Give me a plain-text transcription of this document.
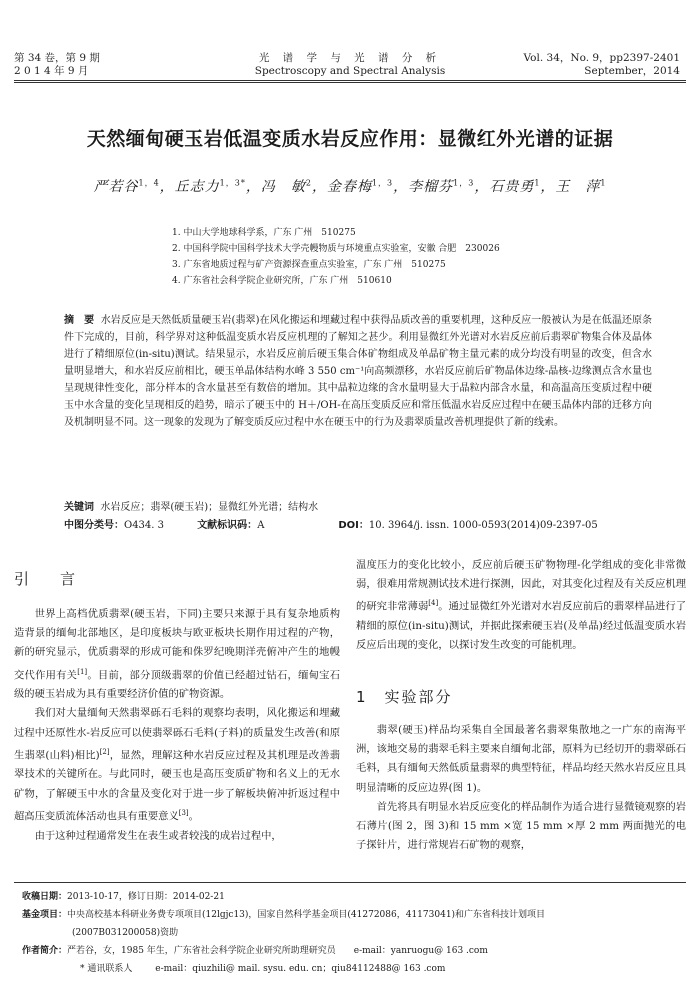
第 34 卷，第 9 期
2 0 1 4 年 9 月
光 谱 学 与 光 谱 分 析
Spectroscopy and Spectral Analysis
Vol. 34，No. 9，pp2397-2401
September，2014
天然缅甸硬玉岩低温变质水岩反应作用：显微红外光谱的证据
严若谷$^{1,4}$，丘志力$^{1,3*}$，冯　敏$^2$，金春梅$^{1,3}$，李榴芬$^{1,3}$，石贵勇$^1$，王　萍$^1$
1. 中山大学地球科学系，广东 广州　510275
2. 中国科学院中国科学技术大学壳幔物质与环境重点实验室，安徽 合肥　230026
3. 广东省地质过程与矿产资源探查重点实验室，广东 广州　510275
4. 广东省社会科学院企业研究所，广东 广州　510610
摘　要 水岩反应是天然低质量硬玉岩(翡翠)在风化搬运和埋藏过程中获得品质改善的重要机理，这种反应一般被认为是在低温还原条件下完成的，目前，科学界对这种低温变质水岩反应机理的了解知之甚少。利用显微红外光谱对水岩反应前后翡翠矿物集合体及晶体进行了精细原位(in-situ)测试。结果显示，水岩反应前后硬玉集合体矿物组成及单晶矿物主量元素的成分均没有明显的改变，但含水量明显增大，和水岩反应前相比，硬玉单晶体结构水峰 3 550 cm⁻¹向高频漂移，水岩反应前后矿物晶体边缘-晶核-边缘测点含水量也呈现规律性变化，部分样本的含水量甚至有数倍的增加。其中晶粒边缘的含水量明显大于晶粒内部含水量，和高温高压变质过程中硬玉中水含量的变化呈现相反的趋势，暗示了硬玉中的 H＋/OH-在高压变质反应和常压低温水岩反应过程中在硬玉晶体内部的迁移方向及机制明显不同。这一现象的发现为了解变质反应过程中水在硬玉中的行为及翡翠质量改善机理提供了新的线索。
关键词 水岩反应；翡翠(硬玉岩)；显微红外光谱；结构水
中图分类号：O434. 3	文献标识码：A	DOI：10. 3964/j. issn. 1000-0593(2014)09-2397-05
引　言

世界上高档优质翡翠(硬玉岩，下同)主要只来源于具有复杂地质构造背景的缅甸北部地区，是印度板块与欧亚板块长期作用过程的产物，新的研究显示，优质翡翠的形成可能和侏罗纪晚期洋壳俯冲产生的地幔交代作用有关[1]。目前，部分顶级翡翠的价值已经超过钻石，缅甸宝石级的硬玉岩成为具有重要经济价值的矿物资源。

我们对大量缅甸天然翡翠砾石毛料的观察均表明，风化搬运和埋藏过程中还原性水-岩反应可以使翡翠砾石毛料(子料)的质量发生改善(和原生翡翠(山料)相比)[2]，显然，理解这种水岩反应过程及其机理是改善翡翠技术的关键所在。与此同时，硬玉也是高压变质矿物和名义上的无水矿物，了解硬玉中水的含量及变化对于进一步了解板块俯冲折返过程中超高压变质流体活动也具有重要意义[3]。

由于这种过程通常发生在表生或者较浅的成岩过程中，

温度压力的变化比较小，反应前后硬玉矿物物理-化学组成的变化非常微弱，很难用常规测试技术进行探测，因此，对其变化过程及有关反应机理的研究非常薄弱[4]。通过显微红外光谱对水岩反应前后的翡翠样品进行了精细的原位(in-situ)测试，并据此探索硬玉岩(及单晶)经过低温变质水岩反应后出现的变化，以探讨发生改变的可能机理。

1　实验部分

翡翠(硬玉)样品均采集自全国最著名翡翠集散地之一广东的南海平洲，该地交易的翡翠毛料主要来自缅甸北部，原料为已经切开的翡翠砾石毛料，具有缅甸天然低质量翡翠的典型特征，样品均经天然水岩反应且具明显清晰的反应边界(图 1)。

首先将具有明显水岩反应变化的样品制作为适合进行显微镜观察的岩石薄片(图 2，图 3)和 15 mm ×宽 15 mm ×厚 2 mm 两面抛光的电子探针片，进行常规岩石矿物的观察，

收稿日期：2013-10-17，修订日期：2014-02-21
基金项目：中央高校基本科研业务费专项项目(12lgjc13)，国家自然科学基金项目(41272086，41173041)和广东省科技计划项目
(2007B031200058)资助
作者简介：严若谷，女，1985 年生，广东省社会科学院企业研究所助理研究员　　e-mail：yanruogu@ 163 .com
* 通讯联系人	e-mail：qiuzhili@ mail. sysu. edu. cn；qiu84112488@ 163 .com
